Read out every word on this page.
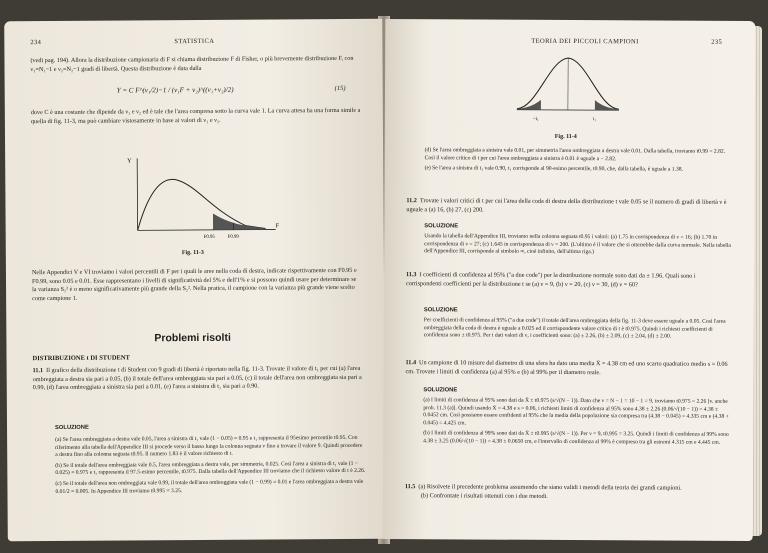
234	STATISTICA
(vedi pag. 194). Allora la distribuzione campionaria di F si chiama distribuzione F di Fisher, o più brevemente distribuzione F, con ν₁=N₁−1 e ν₂=N₂−1 gradi di libertà. Questa distribuzione è data dalla
Y = C F^(ν₁/2)−1 / (ν₁F + ν₂)^((ν₁+ν₂)/2)	(15)
dove C è una costante che dipende da ν₁ e ν₂ ed è tale che l'area compresa sotto la curva vale 1. La curva attesa ha una forma simile a quella di fig. 11-3, ma può cambiare vistosamente in base ai valori di ν₁ e ν₂.
Y
F
F0.95	F0.99
Fig. 11-3
Nelle Appendici V e VI troviamo i valori percentili di F per i quali le aree nella coda di destra, indicate rispettivamente con F0.95 e F0.99, sono 0.05 e 0.01. Esse rappresentano i livelli di significatività del 5% e dell'1% e si possono quindi usare per determinare se la varianza S₁² è o meno significativamente più grande della S₂². Nella pratica, il campione con la varianza più grande viene scelto come campione 1.
Problemi risolti
DISTRIBUZIONE t DI STUDENT
11.1 Il grafico della distribuzione t di Student con 9 gradi di libertà è riportato nella fig. 11-3. Trovate il valore di t₁ per cui (a) l'area ombreggiata a destra sia pari a 0.05, (b) il totale dell'area ombreggiata sia pari a 0.05, (c) il totale dell'area non ombreggiata sia pari a 0.99, (d) l'area ombreggiata a sinistra sia pari a 0.01, (e) l'area a sinistra di t₁ sia pari a 0.90.
SOLUZIONE

(a) Se l'area ombreggiata a destra vale 0.05, l'area a sinistra di t₁ vale (1 − 0.05) = 0.95 e t₁ rappresenta il 95esimo percentile t0.95. Con riferimento alla tabella dell'Appendice III si procede verso il basso lungo la colonna segnata ν fino a trovare il valore 9. Quindi procedere a destra fino alla colonna segnata t0.95. Il numero 1.83 è il valore richiesto di t.

(b) Se il totale dell'area ombreggiata vale 0.5, l'area ombreggiata a destra vale, per simmetria, 0.025. Così l'area a sinistra di t₁ vale (1 − 0.025) = 0.975 e t₁ rappresenta il 97.5-esimo percentile, t0.975. Dalla tabella dell'Appendice III troviamo che il richiesto valore di t è 2.26.

(c) Se il totale dell'area non ombreggiata vale 0.99, il totale dell'area ombreggiata vale (1 − 0.99) = 0.01 e l'area ombreggiata a destra vale 0.01/2 = 0.005. In Appendice III troviamo t0.995 = 3.25.

TEORIA DEI PICCOLI CAMPIONI	235
−t₁	t₁
Fig. 11-4

(d) Se l'area ombreggiata a sinistra vale 0.01, per simmetria l'area ombreggiata a destra vale 0.01. Dalla tabella, troviamo t0.99 = 2.82. Così il valore critico di t per cui l'area ombreggiata a sinistra è 0.01 è uguale a − 2.82.

(e) Se l'area a sinistra di t₁ vale 0.90, t₁ corrisponde al 90-esimo percentile, t0.90, che, dalla tabella, è uguale a 1.38.

11.2 Trovate i valori critici di t per cui l'area della coda di destra della distribuzione t vale 0.05 se il numero di gradi di libertà ν è uguale a (a) 16, (b) 27, (c) 200.
SOLUZIONE
Usando la tabella dell'Appendice III, troviamo nella colonna segnata t0.95 i valori: (a) 1.75 in corrispondenza di ν = 16; (b) 1.70 in corrispondenza di ν = 27; (c) 1.645 in corrispondenza di ν = 200. (L'ultimo è il valore che si otterrebbe dalla curva normale. Nella tabella dell'Appendice III, corrisponde al simbolo ∞, cioè infinito, dell'ultima riga.)
11.3 I coefficienti di confidenza al 95% ("a due code") per la distribuzione normale sono dati da ± 1.96. Quali sono i corrispondenti coefficienti per la distribuzione t se (a) ν = 9, (b) ν = 20, (c) ν = 30, (d) ν = 60?
SOLUZIONE
Per coefficienti di confidenza al 95% ("a due code") il totale dell'area ombreggiata della fig. 11-3 deve essere uguale a 0.05. Così l'area ombreggiata della coda di destra è uguale a 0.025 ed il corrispondente valore critico di t è t0.975. Quindi i richiesti coefficienti di confidenza sono ± t0.975. Per i dati valori di ν, i coefficienti sono: (a) ± 2.26, (b) ± 2.09, (c) ± 2.04, (d) ± 2.00.
11.4 Un campione di 10 misure del diametro di una sfera ha dato una media X̄ = 4.38 cm ed uno scarto quadratico medio s = 0.06 cm. Trovate i limiti di confidenza (a) al 95% e (b) al 99% per il diametro reale.
SOLUZIONE

(a) I limiti di confidenza al 95% sono dati da X̄ ± t0.975 (s/√(N − 1)). Dato che ν = N − 1 = 10 − 1 = 9, troviamo t0.975 = 2.26 [v. anche prob. 11.3 (a)]. Quindi usando X̄ = 4.38 e s = 0.06, i richiesti limiti di confidenza al 95% sono 4.38 ± 2.26 (0.06/√(10 − 1)) = 4.38 ± 0.0452 cm. Così possiamo essere confidenti al 95% che la media della popolazione sia compresa tra (4.38 − 0.045) = 4.335 cm e (4.38 + 0.045) = 4.425 cm.

(b) I limiti di confidenza al 99% sono dati da X̄ ± t0.995 (s/√(N − 1)). Per ν = 9, t0.995 = 3.25. Quindi i limiti di confidenza al 99% sono 4.38 ± 3.25 (0.06/√(10 − 1)) = 4.38 ± 0.0650 cm, e l'intervallo di confidenza al 99% è compreso tra gli estremi 4.315 cm e 4.445 cm.

11.5 (a) Risolvete il precedente problema assumendo che siano validi i metodi della teoria dei grandi campioni.
(b) Confrontate i risultati ottenuti con i due metodi.
